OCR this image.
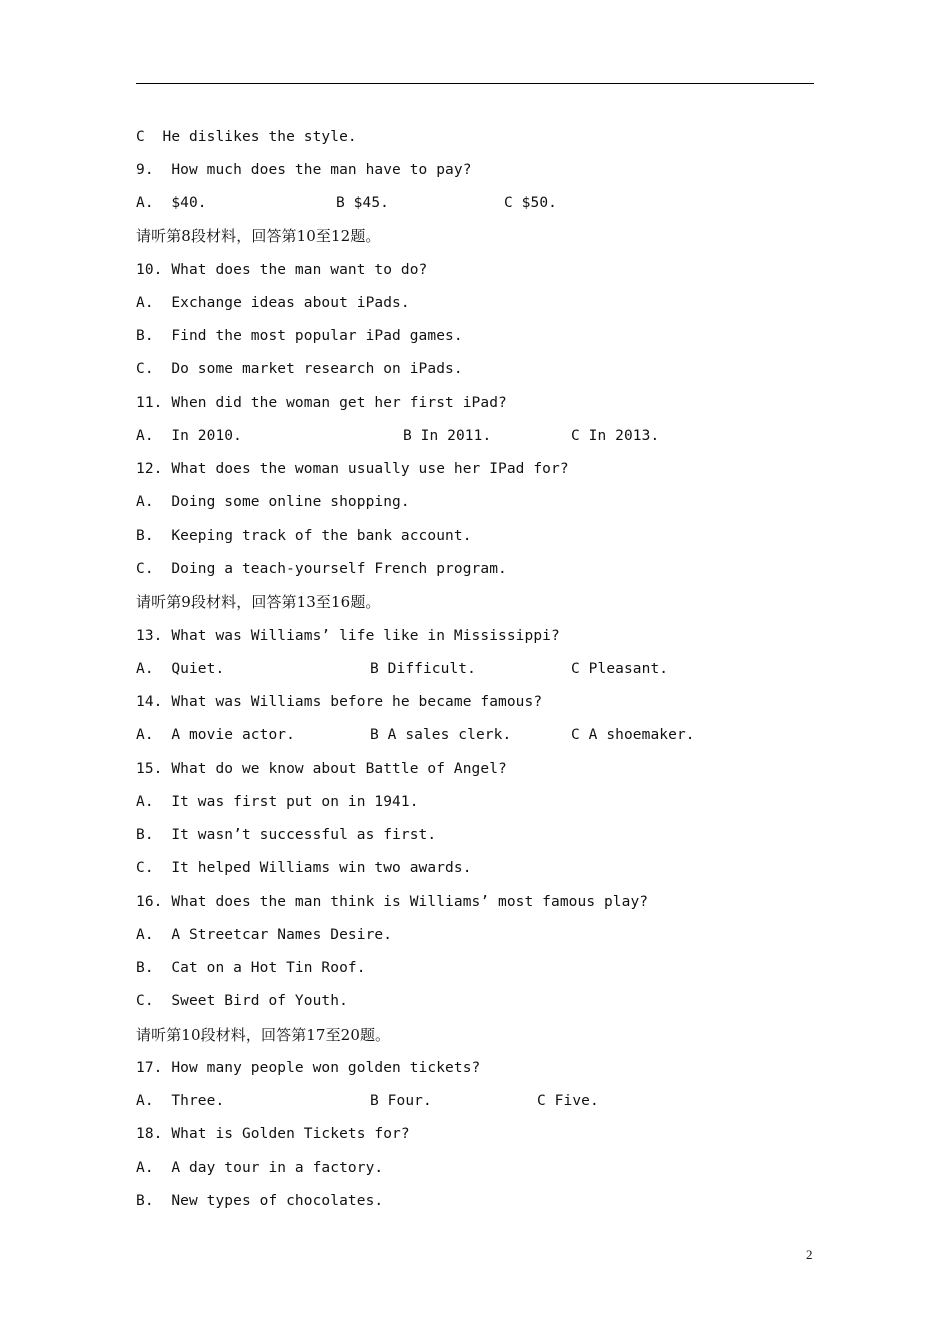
C  He dislikes the style.
9.  How much does the man have to pay?

A.  $40.

	B $45.

	C $50.

请听第8段材料，回答第10至12题。
10. What does the man want to do?
A.  Exchange ideas about iPads.
B.  Find the most popular iPad games.
C.  Do some market research on iPads.
11. When did the woman get her first iPad?

A.  In 2010.

	B In 2011.

	C In 2013.

12. What does the woman usually use her IPad for?
A.  Doing some online shopping.
B.  Keeping track of the bank account.
C.  Doing a teach-yourself French program.
请听第9段材料，回答第13至16题。
13. What was Williams’ life like in Mississippi?

A.  Quiet.

	B Difficult.

	C Pleasant.

14. What was Williams before he became famous?

A.  A movie actor.

	B A sales clerk.

	C A shoemaker.

15. What do we know about Battle of Angel?
A.  It was first put on in 1941.
B.  It wasn’t successful as first.
C.  It helped Williams win two awards.
16. What does the man think is Williams’ most famous play?
A.  A Streetcar Names Desire.
B.  Cat on a Hot Tin Roof.
C.  Sweet Bird of Youth.
请听第10段材料，回答第17至20题。
17. How many people won golden tickets?

A.  Three.

	B Four.

	C Five.

18. What is Golden Tickets for?
A.  A day tour in a factory.
B.  New types of chocolates.
2
